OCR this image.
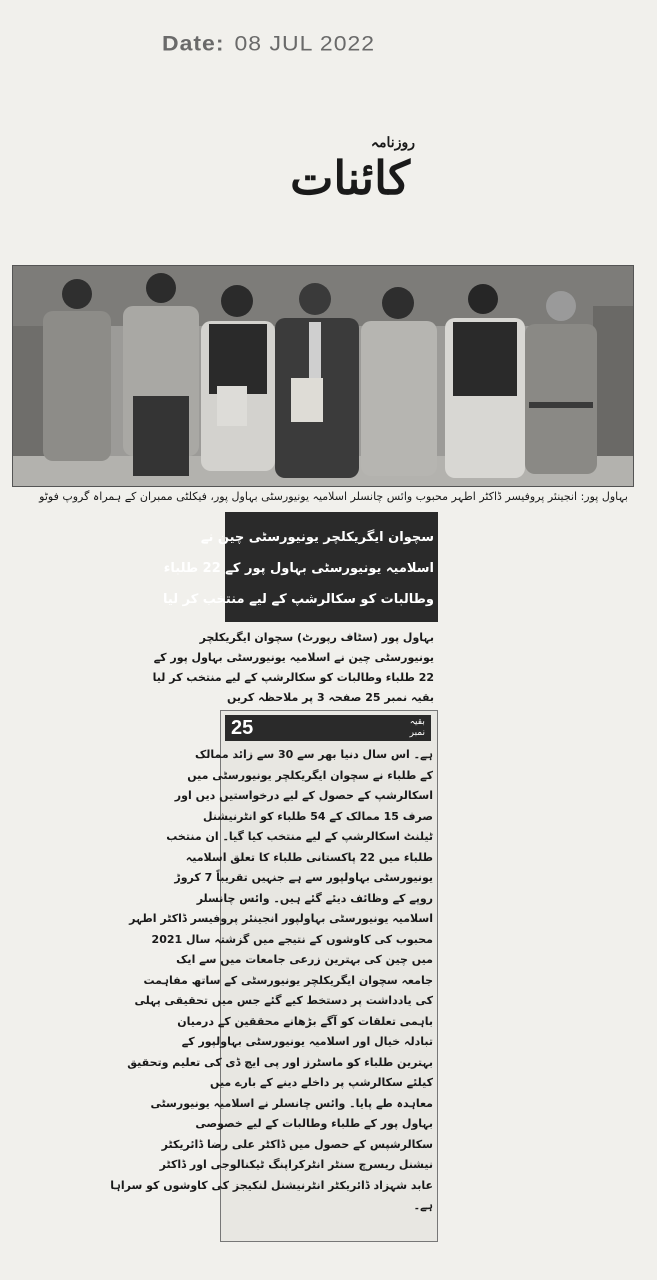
Date: 08 JUL 2022
روزنامہ
کائنات
بہاول پور: انجینئر پروفیسر ڈاکٹر اطہر محبوب وائس چانسلر اسلامیہ یونیورسٹی بہاول پور، فیکلٹی ممبران کے ہمراہ گروپ فوٹو
سچوان ایگریکلچر یونیورسٹی چین نے
اسلامیہ یونیورسٹی بہاول پور کے 22 طلباء
وطالبات کو سکالرشپ کے لیے منتخب کر لیا
بہاول پور (سٹاف رپورٹ) سچوان ایگریکلچر
یونیورسٹی چین نے اسلامیہ یونیورسٹی بہاول پور کے
22 طلباء وطالبات کو سکالرشپ کے لیے منتخب کر لیا
بقیہ نمبر 25 صفحہ 3 پر ملاحظہ کریں
25	بقیہ
نمبر
ہے۔ اس سال دنیا بھر سے 30 سے زائد ممالک
کے طلباء نے سچوان ایگریکلچر یونیورسٹی میں
اسکالرشپ کے حصول کے لیے درخواستیں دیں اور
صرف 15 ممالک کے 54 طلباء کو انٹرنیشنل
ٹیلنٹ اسکالرشپ کے لیے منتخب کیا گیا۔ ان منتخب
طلباء میں 22 پاکستانی طلباء کا تعلق اسلامیہ
یونیورسٹی بہاولپور سے ہے جنہیں تقریباً 7 کروڑ
روپے کے وظائف دیئے گئے ہیں۔ وائس چانسلر
اسلامیہ یونیورسٹی بہاولپور انجینئر پروفیسر ڈاکٹر اطہر
محبوب کی کاوشوں کے نتیجے میں گزشتہ سال 2021
میں چین کی بہترین زرعی جامعات میں سے ایک
جامعہ سچوان ایگریکلچر یونیورسٹی کے ساتھ مفاہمت
کی یادداشت پر دستخط کیے گئے جس میں تحقیقی پہلی
باہمی تعلقات کو آگے بڑھانے محققین کے درمیان
تبادلہ خیال اور اسلامیہ یونیورسٹی بہاولپور کے
بہترین طلباء کو ماسٹرز اور پی ایچ ڈی کی تعلیم وتحقیق
کیلئے سکالرشپ پر داخلے دینے کے بارے میں
معاہدہ طے پایا۔ وائس چانسلر نے اسلامیہ یونیورسٹی
بہاول پور کے طلباء وطالبات کے لیے خصوصی
سکالرشپس کے حصول میں ڈاکٹر علی رضا ڈائریکٹر
نیشنل ریسرچ سنٹر انٹرکراپنگ ٹیکنالوجی اور ڈاکٹر
عابد شہزاد ڈائریکٹر انٹرنیشنل لنکیجز کی کاوشوں کو سراہا
ہے۔
